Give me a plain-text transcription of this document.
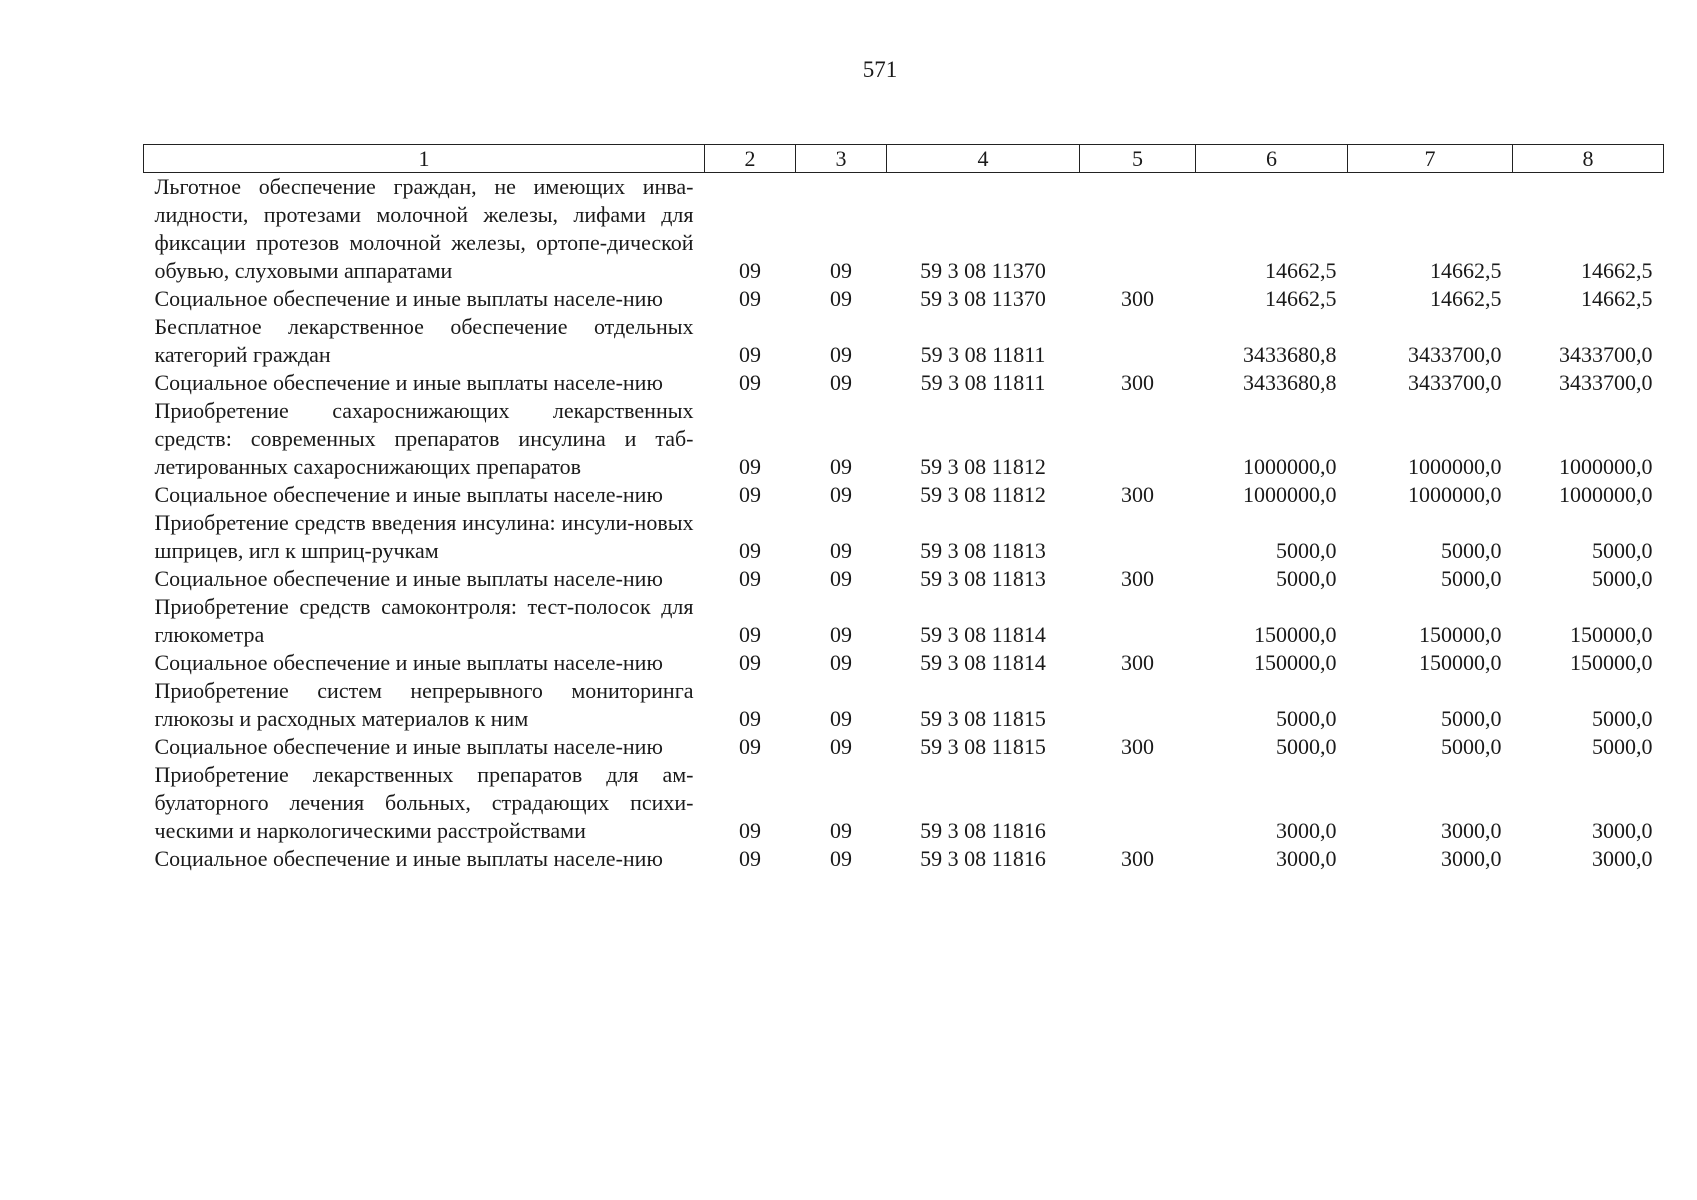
571
1	2	3	4	5	6	7	8
Льготное обеспечение граждан, не имеющих инва-лидности, протезами молочной железы, лифами для фиксации протезов молочной железы, ортопе-дической обувью, слуховыми аппаратами	09	09	59 3 08 11370		14662,5	14662,5	14662,5
Социальное обеспечение и иные выплаты населе-нию	09	09	59 3 08 11370	300	14662,5	14662,5	14662,5
Бесплатное лекарственное обеспечение отдельных категорий граждан	09	09	59 3 08 11811		3433680,8	3433700,0	3433700,0
Социальное обеспечение и иные выплаты населе-нию	09	09	59 3 08 11811	300	3433680,8	3433700,0	3433700,0
Приобретение сахароснижающих лекарственных средств: современных препаратов инсулина и таб-летированных сахароснижающих препаратов	09	09	59 3 08 11812		1000000,0	1000000,0	1000000,0
Социальное обеспечение и иные выплаты населе-нию	09	09	59 3 08 11812	300	1000000,0	1000000,0	1000000,0
Приобретение средств введения инсулина: инсули-новых шприцев, игл к шприц-ручкам	09	09	59 3 08 11813		5000,0	5000,0	5000,0
Социальное обеспечение и иные выплаты населе-нию	09	09	59 3 08 11813	300	5000,0	5000,0	5000,0
Приобретение средств самоконтроля: тест-полосок для глюкометра	09	09	59 3 08 11814		150000,0	150000,0	150000,0
Социальное обеспечение и иные выплаты населе-нию	09	09	59 3 08 11814	300	150000,0	150000,0	150000,0
Приобретение систем непрерывного мониторинга глюкозы и расходных материалов к ним	09	09	59 3 08 11815		5000,0	5000,0	5000,0
Социальное обеспечение и иные выплаты населе-нию	09	09	59 3 08 11815	300	5000,0	5000,0	5000,0
Приобретение лекарственных препаратов для ам-булаторного лечения больных, страдающих психи-ческими и наркологическими расстройствами	09	09	59 3 08 11816		3000,0	3000,0	3000,0
Социальное обеспечение и иные выплаты населе-нию	09	09	59 3 08 11816	300	3000,0	3000,0	3000,0
